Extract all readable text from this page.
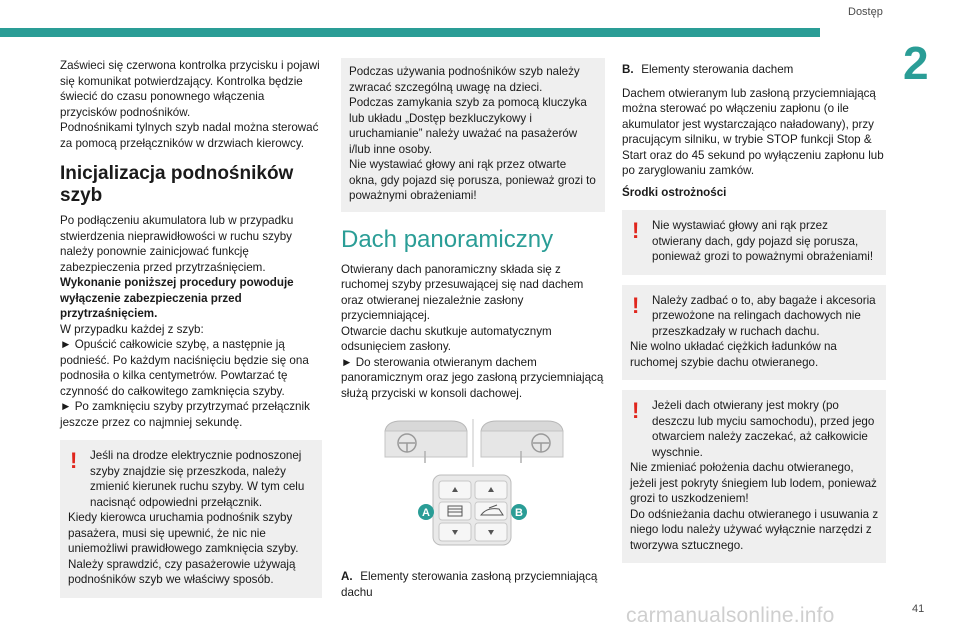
Dostęp
2

Zaświeci się czerwona kontrolka przycisku i pojawi się komunikat potwierdzający. Kontrolka będzie świecić do czasu ponownego włączenia przycisków podnośników.

Podnośnikami tylnych szyb nadal można sterować za pomocą przełączników w drzwiach kierowcy.

Inicjalizacja podnośników szyb

Po podłączeniu akumulatora lub w przypadku stwierdzenia nieprawidłowości w ruchu szyby należy ponownie zainicjować funkcję zabezpieczenia przed przytrzaśnięciem.

Wykonanie poniższej procedury powoduje wyłączenie zabezpieczenia przed przytrzaśnięciem.

W przypadku każdej z szyb:

► Opuścić całkowicie szybę, a następnie ją podnieść. Po każdym naciśnięciu będzie się ona podnosiła o kilka centymetrów. Powtarzać tę czynność do całkowitego zamknięcia szyby.

► Po zamknięciu szyby przytrzymać przełącznik jeszcze przez co najmniej sekundę.

!	Jeśli na drodze elektrycznie podnoszonej szyby znajdzie się przeszkoda, należy zmienić kierunek ruchu szyby. W tym celu nacisnąć odpowiedni przełącznik.

Kiedy kierowca uruchamia podnośnik szyby pasażera, musi się upewnić, że nic nie uniemożliwi prawidłowego zamknięcia szyby.

Należy sprawdzić, czy pasażerowie używają podnośników szyb we właściwy sposób.

Podczas używania podnośników szyb należy zwracać szczególną uwagę na dzieci.

Podczas zamykania szyb za pomocą kluczyka lub układu „Dostęp bezkluczykowy i uruchamianie” należy uważać na pasażerów i/lub inne osoby.

Nie wystawiać głowy ani rąk przez otwarte okna, gdy pojazd się porusza, ponieważ grozi to poważnymi obrażeniami!

Dach panoramiczny

Otwierany dach panoramiczny składa się z ruchomej szyby przesuwającej się nad dachem oraz otwieranej niezależnie zasłony przyciemniającej.

Otwarcie dachu skutkuje automatycznym odsunięciem zasłony.

► Do sterowania otwieranym dachem panoramicznym oraz jego zasłoną przyciemniającą służą przyciski w konsoli dachowej.

A	B

A. Elementy sterowania zasłoną przyciemniającą dachu

B. Elementy sterowania dachem

Dachem otwieranym lub zasłoną przyciemniającą można sterować po włączeniu zapłonu (o ile akumulator jest wystarczająco naładowany), przy pracującym silniku, w trybie STOP funkcji Stop & Start oraz do 45 sekund po wyłączeniu zapłonu lub po zaryglowaniu zamków.

Środki ostrożności

!	Nie wystawiać głowy ani rąk przez otwierany dach, gdy pojazd się porusza, ponieważ grozi to poważnymi obrażeniami!

!	Należy zadbać o to, aby bagaże i akcesoria przewożone na relingach dachowych nie przeszkadzały w ruchach dachu.

Nie wolno układać ciężkich ładunków na ruchomej szybie dachu otwieranego.

!	Jeżeli dach otwierany jest mokry (po deszczu lub myciu samochodu), przed jego otwarciem należy zaczekać, aż całkowicie wyschnie.

Nie zmieniać położenia dachu otwieranego, jeżeli jest pokryty śniegiem lub lodem, ponieważ grozi to uszkodzeniem!

Do odśnieżania dachu otwieranego i usuwania z niego lodu należy używać wyłącznie narzędzi z tworzywa sztucznego.

carmanualsonline.info	41
